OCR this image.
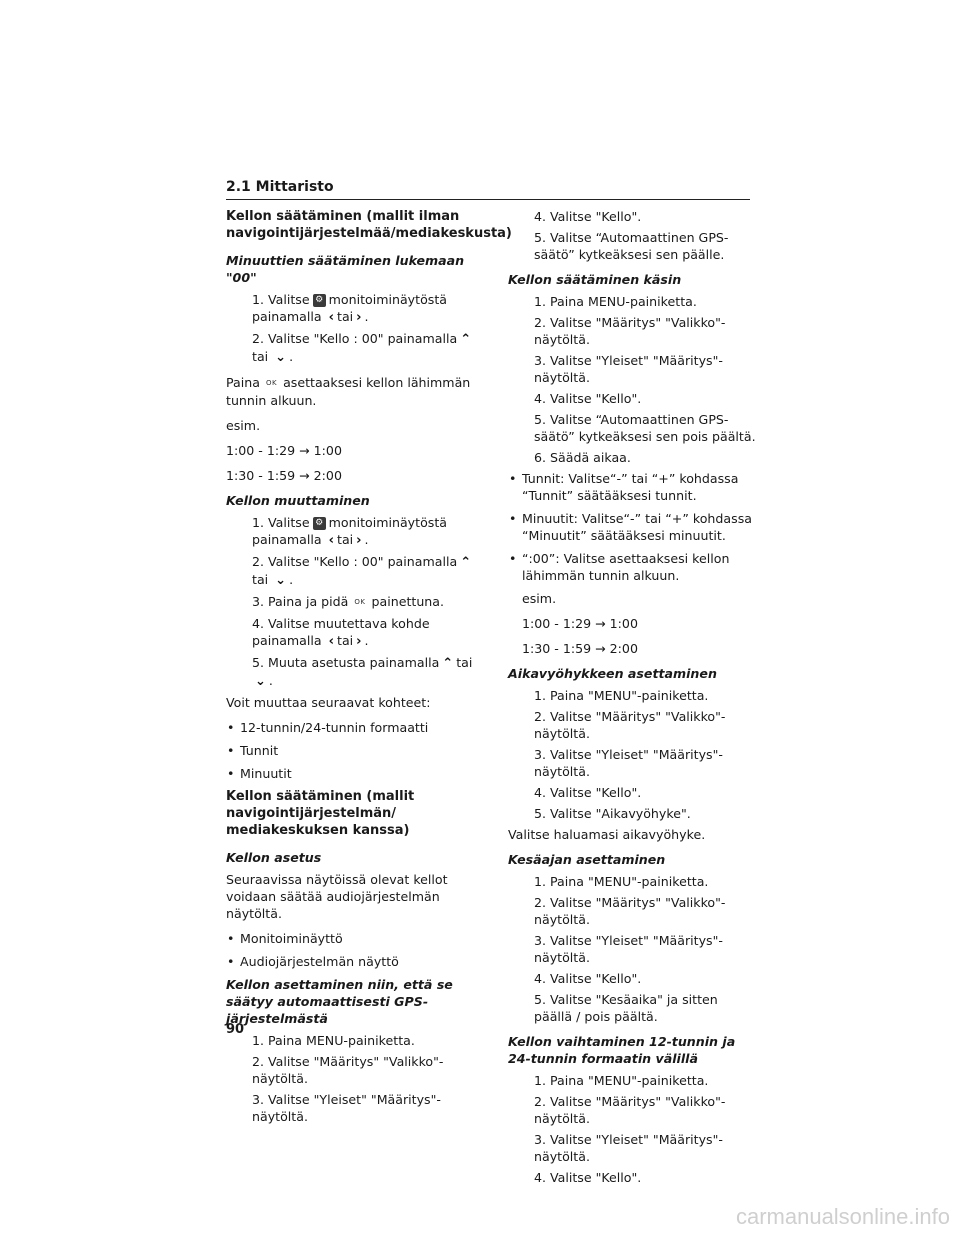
2.1 Mittaristo
Kellon säätäminen (mallit ilman navigointijärjestelmää/mediakeskusta)
Minuuttien säätäminen lukemaan "00"
1. Valitse ⚙ monitoiminäytöstä painamalla ‹ tai › .
2. Valitse "Kello : 00" painamalla ⌃tai ⌄ .
Paina OK asettaaksesi kellon lähimmän tunnin alkuun.
esim.
1:00 - 1:29 → 1:00
1:30 - 1:59 → 2:00
Kellon muuttaminen
1. Valitse ⚙ monitoiminäytöstä painamalla ‹ tai › .
2. Valitse "Kello : 00" painamalla ⌃tai ⌄ .
3. Paina ja pidä OK painettuna.
4. Valitse muutettava kohde painamalla ‹ tai › .
5. Muuta asetusta painamalla ⌃ tai⌄ .
Voit muuttaa seuraavat kohteet:
• 12-tunnin/24-tunnin formaatti
• Tunnit
• Minuutit
Kellon säätäminen (mallit navigointijärjestelmän/ mediakeskuksen kanssa)
Kellon asetus
Seuraavissa näytöissä olevat kellot voidaan säätää audiojärjestelmän näytöltä.
• Monitoiminäyttö
• Audiojärjestelmän näyttö
Kellon asettaminen niin, että se säätyy automaattisesti GPS-järjestelmästä
1. Paina MENU-painiketta.
2. Valitse "Määritys" "Valikko"-näytöltä.
3. Valitse "Yleiset" "Määritys"-näytöltä.
4. Valitse "Kello".
5. Valitse “Automaattinen GPS-säätö” kytkeäksesi sen päälle.
Kellon säätäminen käsin
1. Paina MENU-painiketta.
2. Valitse "Määritys" "Valikko"-näytöltä.
3. Valitse "Yleiset" "Määritys"-näytöltä.
4. Valitse "Kello".
5. Valitse “Automaattinen GPS-säätö” kytkeäksesi sen pois päältä.
6. Säädä aikaa.
• Tunnit: Valitse“-” tai “+” kohdassa “Tunnit” säätääksesi tunnit.
• Minuutit: Valitse“-” tai “+” kohdassa “Minuutit” säätääksesi minuutit.
• “:00”: Valitse asettaaksesi kellon lähimmän tunnin alkuun.
esim.
1:00 - 1:29 → 1:00
1:30 - 1:59 → 2:00
Aikavyöhykkeen asettaminen
1. Paina "MENU"-painiketta.
2. Valitse "Määritys" "Valikko"-näytöltä.
3. Valitse "Yleiset" "Määritys"-näytöltä.
4. Valitse "Kello".
5. Valitse "Aikavyöhyke".
Valitse haluamasi aikavyöhyke.
Kesäajan asettaminen
1. Paina "MENU"-painiketta.
2. Valitse "Määritys" "Valikko"-näytöltä.
3. Valitse "Yleiset" "Määritys"-näytöltä.
4. Valitse "Kello".
5. Valitse "Kesäaika" ja sitten päällä / pois päältä.
Kellon vaihtaminen 12-tunnin ja 24-tunnin formaatin välillä
1. Paina "MENU"-painiketta.
2. Valitse "Määritys" "Valikko"-näytöltä.
3. Valitse "Yleiset" "Määritys"-näytöltä.
4. Valitse "Kello".
90
carmanualsonline.info
